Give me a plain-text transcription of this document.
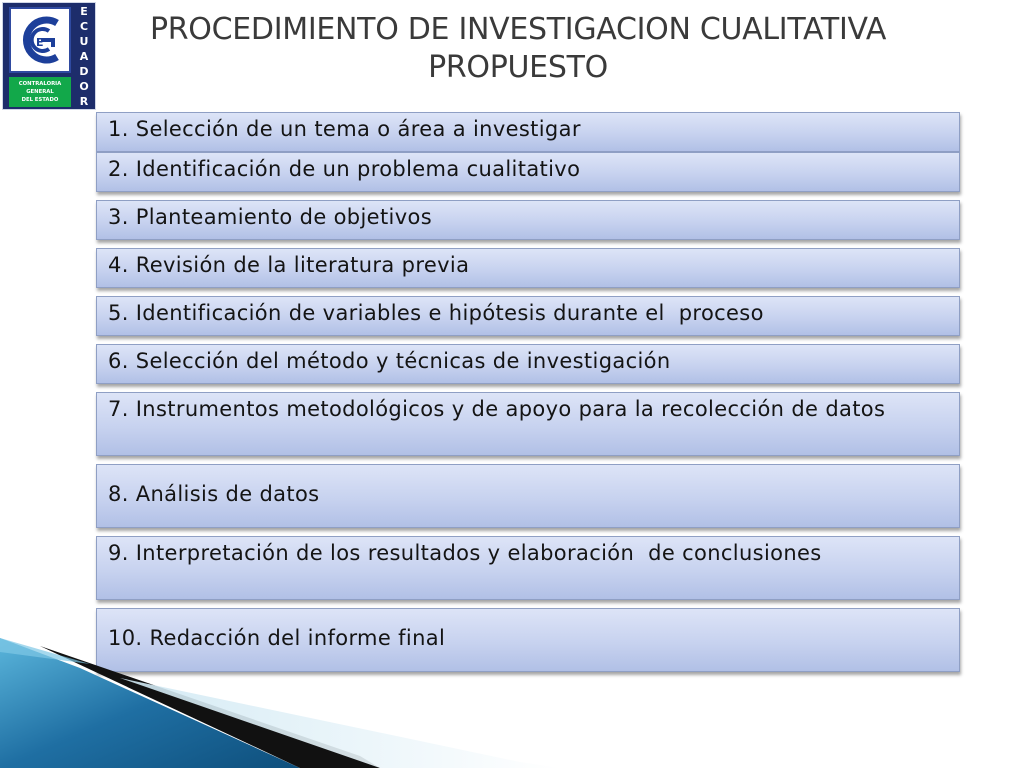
E
CONTRALORIA
GENERAL
DEL ESTADO
E
C
U
A
D
O
R
PROCEDIMIENTO DE INVESTIGACION CUALITATIVA
PROPUESTO
1. Selección de un tema o área a investigar
2. Identificación de un problema cualitativo
3. Planteamiento de objetivos
4. Revisión de la literatura previa
5. Identificación de variables e hipótesis durante el  proceso
6. Selección del método y técnicas de investigación
7. Instrumentos metodológicos y de apoyo para la recolección de datos
8. Análisis de datos
9. Interpretación de los resultados y elaboración  de conclusiones
10. Redacción del informe final
